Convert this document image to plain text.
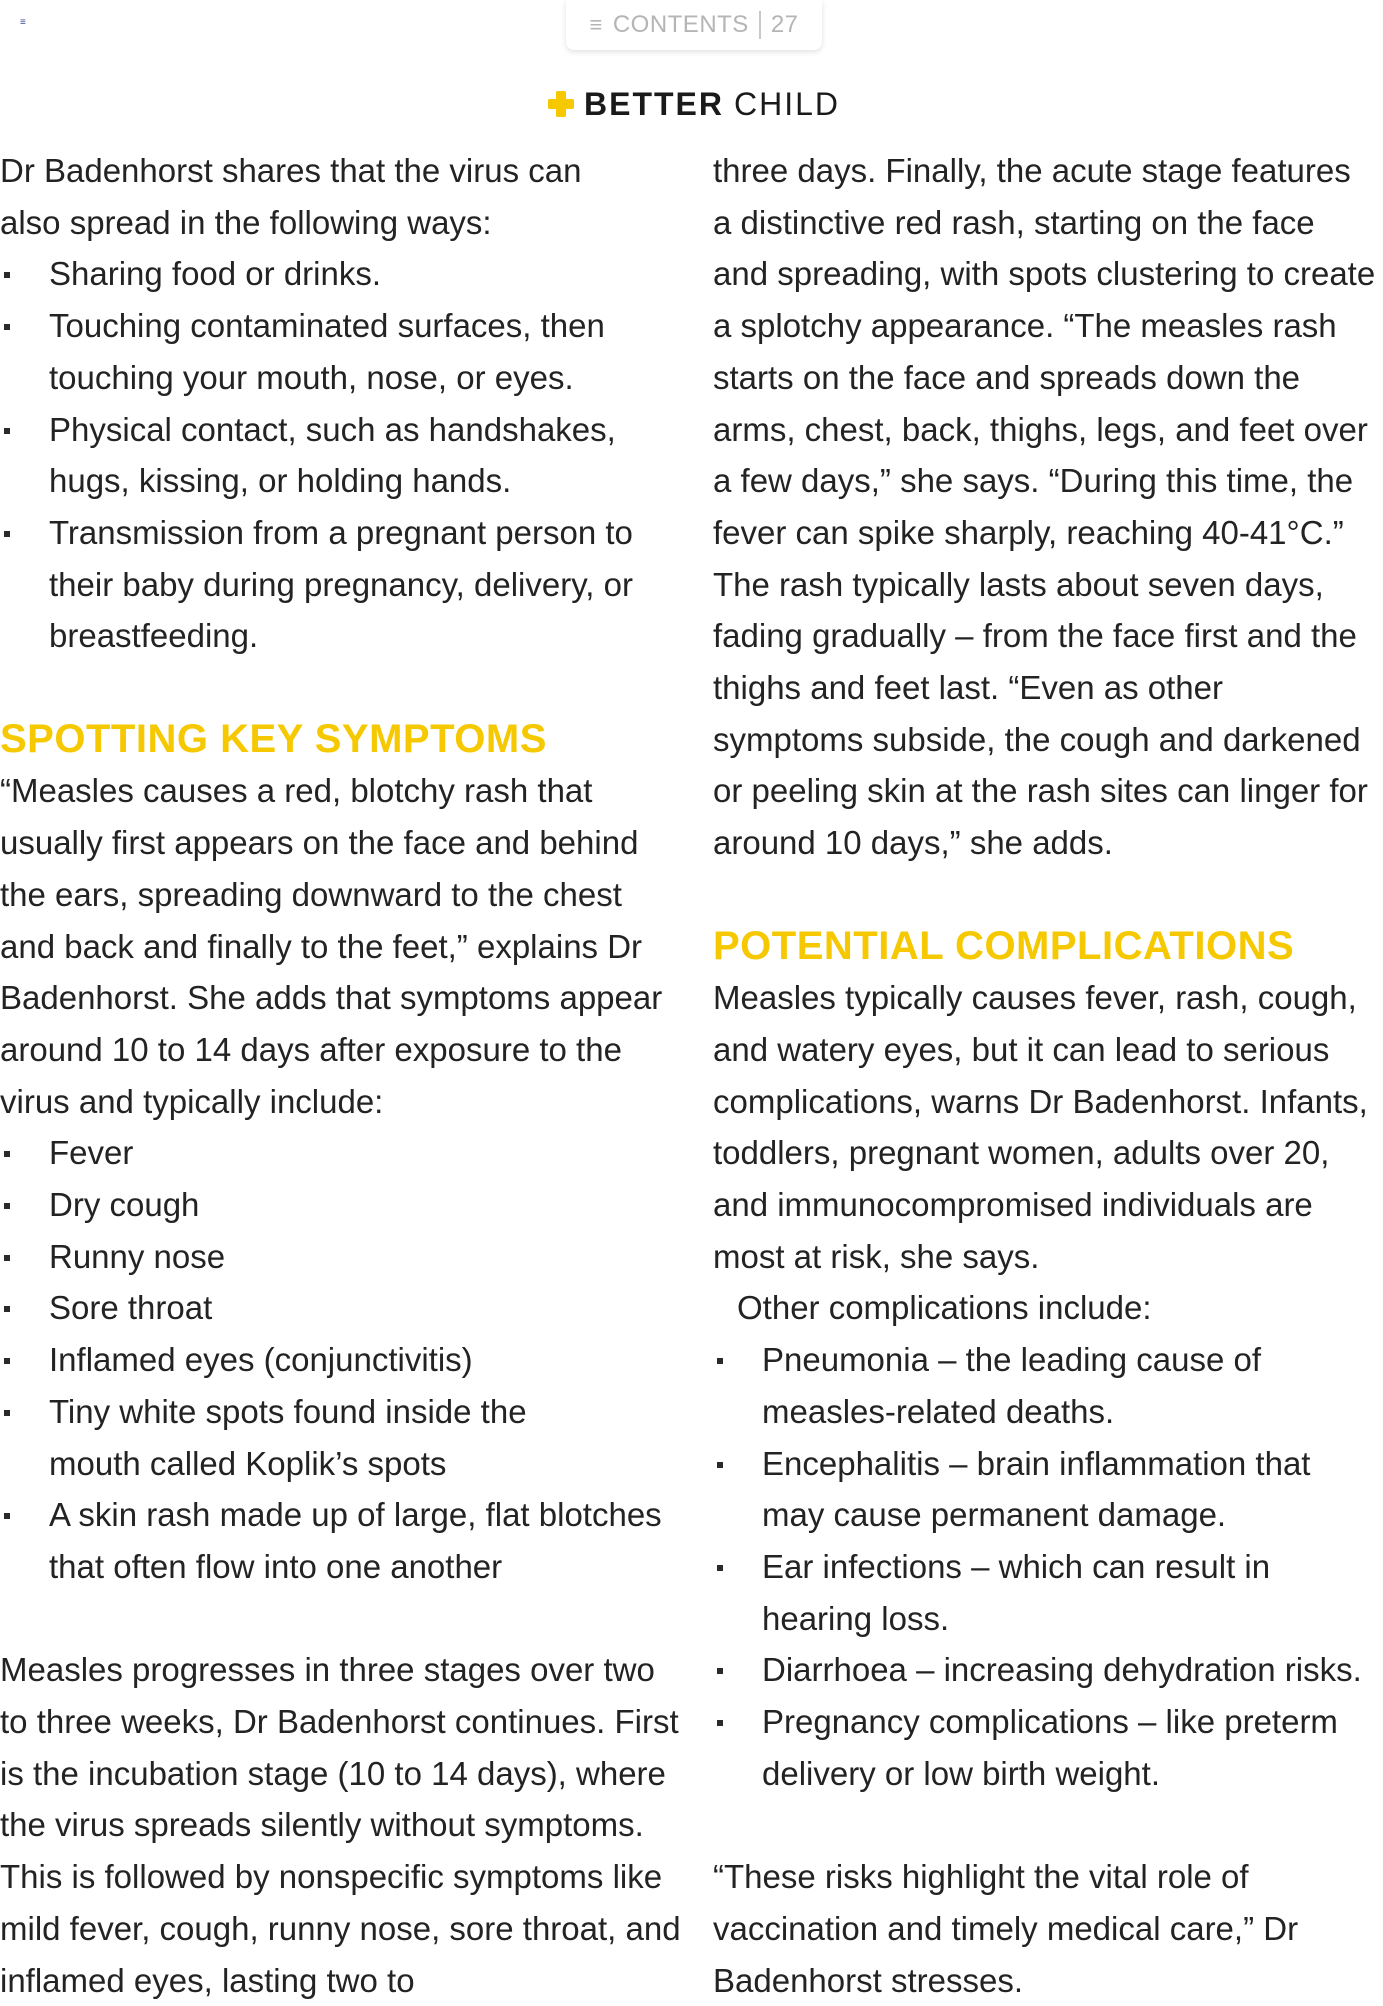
≡	≡ CONTENTS 27
BETTER CHILD

Dr Badenhorst shares that the virus can also spread in the following ways:

Sharing food or drinks.
Touching contaminated surfaces, then touching your mouth, nose, or eyes.
Physical contact, such as handshakes, hugs, kissing, or holding hands.
Transmission from a pregnant person to their baby during pregnancy, delivery, or breastfeeding.
SPOTTING KEY SYMPTOMS

“Measles causes a red, blotchy rash that usually first appears on the face and behind the ears, spreading downward to the chest and back and finally to the feet,” explains Dr Badenhorst. She adds that symptoms appear around 10 to 14 days after exposure to the virus and typically include:

Fever
Dry cough
Runny nose
Sore throat
Inflamed eyes (conjunctivitis)
Tiny white spots found inside the mouth called Koplik’s spots
A skin rash made up of large, flat blotches that often flow into one another

Measles progresses in three stages over two to three weeks, Dr Badenhorst continues. First is the incubation stage (10 to 14 days), where the virus spreads silently without symptoms. This is followed by nonspecific symptoms like mild fever, cough, runny nose, sore throat, and inflamed eyes, lasting two to

three days. Finally, the acute stage features a distinctive red rash, starting on the face and spreading, with spots clustering to create a splotchy appearance. “The measles rash starts on the face and spreads down the arms, chest, back, thighs, legs, and feet over a few days,” she says. “During this time, the fever can spike sharply, reaching 40-41°C.” The rash typically lasts about seven days, fading gradually – from the face first and the thighs and feet last. “Even as other symptoms subside, the cough and darkened or peeling skin at the rash sites can linger for around 10 days,” she adds.

POTENTIAL COMPLICATIONS

Measles typically causes fever, rash, cough, and watery eyes, but it can lead to serious complications, warns Dr Badenhorst. Infants, toddlers, pregnant women, adults over 20, and immunocompromised individuals are most at risk, she says.

Other complications include:

Pneumonia – the leading cause of measles-related deaths.
Encephalitis – brain inflammation that may cause permanent damage.
Ear infections – which can result in hearing loss.
Diarrhoea – increasing dehydration risks.
Pregnancy complications – like preterm delivery or low birth weight.

“These risks highlight the vital role of vaccination and timely medical care,” Dr Badenhorst stresses.
